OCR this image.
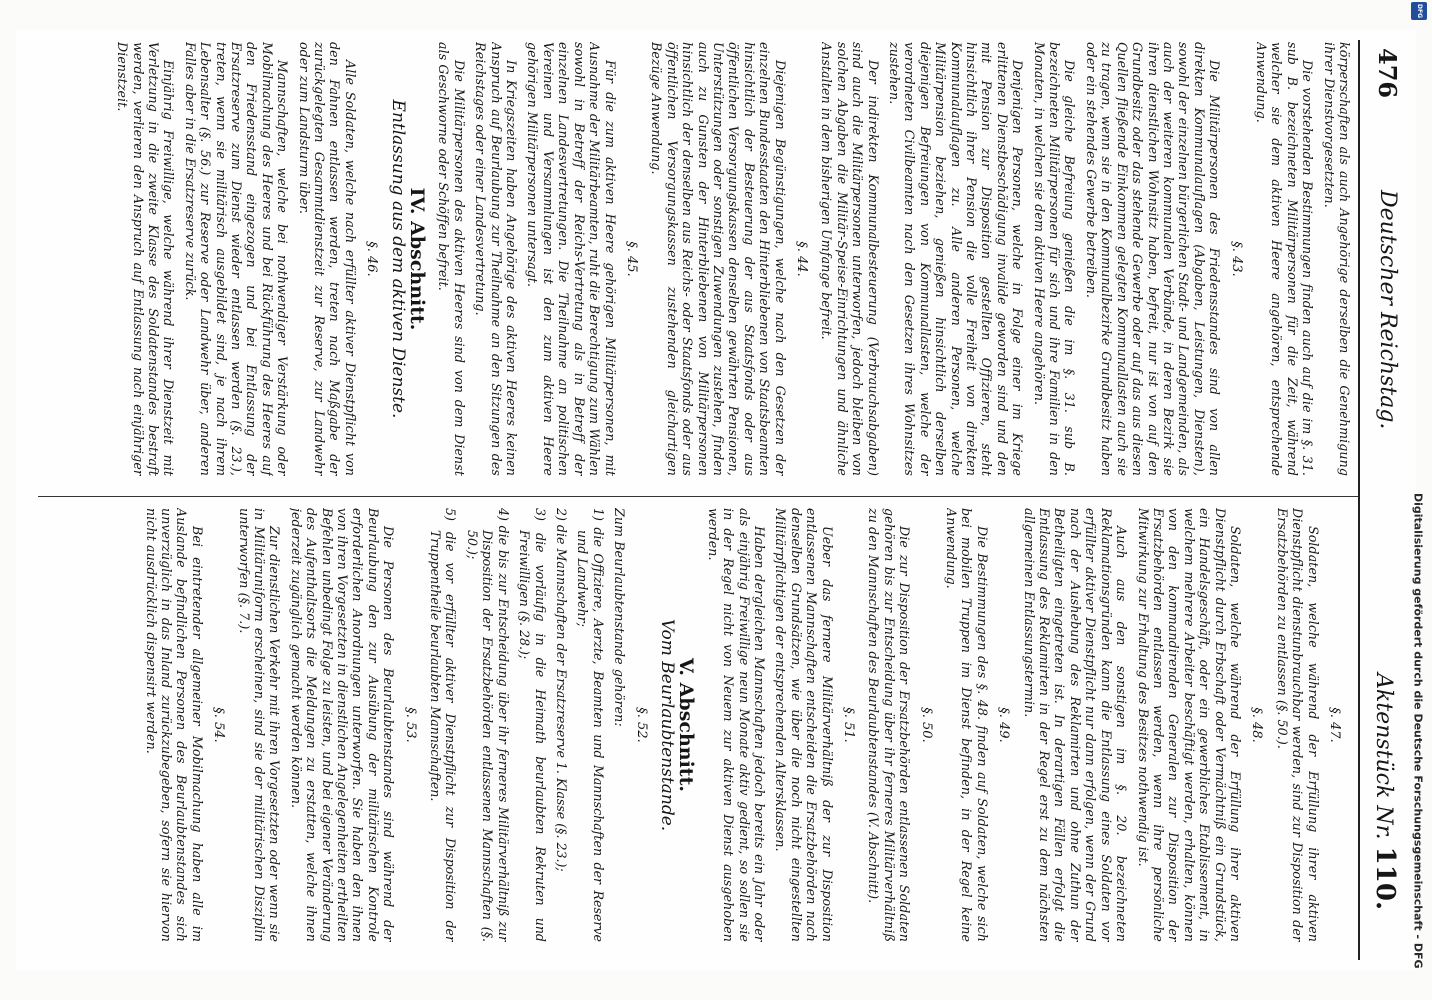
476
Deutscher Reichstag.
Aktenstück Nr. 110.
körperschaften als auch Angehörige derselben die Genehmigung ihrer Dienstvorgesetzten.
Die vorstehenden Bestimmungen finden auch auf die im §. 31. sub B. bezeichneten Militärpersonen für die Zeit, während welcher sie dem aktiven Heere angehören, entsprechende Anwendung.
§. 43.
Die Militärpersonen des Friedensstandes sind von allen direkten Kommunalauflagen (Abgaben, Leistungen, Diensten), sowohl der einzelnen bürgerlichen Stadt- und Landgemeinden, als auch der weiteren kommunalen Verbände, in deren Bezirk sie ihren dienstlichen Wohnsitz haben, befreit, nur ist von auf den Grundbesitz oder das stehende Gewerbe oder auf das aus diesen Quellen fließende Einkommen gelegten Kommunallasten auch sie zu tragen, wenn sie in den Kommunalbezirke Grundbesitz haben oder ein stehendes Gewerbe betreiben.
Die gleiche Befreiung genießen die im §. 31. sub B. bezeichneten Militärpersonen für sich und ihre Familien in den Monaten, in welchen sie dem aktiven Heere angehören.
Denjenigen Personen, welche in Folge einer im Kriege erlittenen Dienstbeschädigung invalide geworden sind und den mit Pension zur Disposition gestellten Offizieren, steht hinsichtlich ihrer Pension die volle Freiheit von direkten Kommunalauflagen zu. Alle anderen Personen, welche Militärpension beziehen, genießen hinsichtlich derselben diejenigen Befreiungen von Kommunallasten, welche der verordneten Civilbeamten nach den Gesetzen ihres Wohnsitzes zustehen.
Der indirekten Kommunalbesteuerung (Verbrauchsabgaben) sind auch die Militärpersonen unterworfen, jedoch bleiben von solchen Abgaben die Militär-Speise-Einrichtungen und ähnliche Anstalten in dem bisherigen Umfange befreit.
§. 44.
Diejenigen Begünstigungen, welche nach den Gesetzen der einzelnen Bundesstaaten den Hinterbliebenen von Staatsbeamten hinsichtlich der Besteuerung der aus Staatsfonds oder aus öffentlichen Versorgungskassen denselben gewährten Pensionen, Unterstützungen oder sonstigen Zuwendungen zustehen, finden auch zu Gunsten der Hinterbliebenen von Militärpersonen hinsichtlich der denselben aus Reichs- oder Staatsfonds oder aus öffentlichen Versorgungskassen zustehenden gleichartigen Bezüge Anwendung.
§. 45.
Für die zum aktiven Heere gehörigen Militärpersonen, mit Ausnahme der Militärbeamten, ruht die Berechtigung zum Wählen sowohl in Betreff der Reichs-Vertretung als in Betreff der einzelnen Landesvertretungen. Die Theilnahme an politischen Vereinen und Versammlungen ist den zum aktiven Heere gehörigen Militärpersonen untersagt.
In Kriegszeiten haben Angehörige des aktiven Heeres keinen Anspruch auf Beurlaubung zur Theilnahme an den Sitzungen des Reichstages oder einer Landesvertretung.
Die Militärpersonen des aktiven Heeres sind von dem Dienst als Geschworne oder Schöffen befreit.
IV. Abschnitt.
Entlassung aus dem aktiven Dienste.
§. 46.
Alle Soldaten, welche nach erfüllter aktiver Dienstpflicht von den Fahnen entlassen werden, treten nach Maßgabe der zurückgelegten Gesammtdienstzeit zur Reserve, zur Landwehr oder zum Landsturm über.
Mannschaften, welche bei nothwendiger Verstärkung oder Mobilmachung des Heeres und bei Rückführung des Heeres auf den Friedensstand eingezogen und bei Entlassung der Ersatzreserve zum Dienst wieder entlassen werden (§. 23.), treten, wenn sie militärisch ausgebildet sind, je nach ihrem Lebensalter (§. 56.) zur Reserve oder Landwehr über, anderen Falles aber in die Ersatzreserve zurück.
Einjährig Freiwillige, welche während ihrer Dienstzeit mit Verletzung in die zweite Klasse des Soldatenstandes bestraft werden, verlieren den Anspruch auf Entlassung nach einjähriger Dienstzeit.
§. 47.
Soldaten, welche während der Erfüllung ihrer aktiven Dienstpflicht dienstunbrauchbar werden, sind zur Disposition der Ersatzbehörden zu entlassen (§. 50.).
§. 48.
Soldaten, welche während der Erfüllung ihrer aktiven Dienstpflicht durch Erbschaft oder Vermächtniß ein Grundstück, ein Handelsgeschäft, oder ein gewerbliches Etablissement, in welchem mehrere Arbeiter beschäftigt werden, erhalten, können von den kommandirenden Generalen zur Disposition der Ersatzbehörden entlassen werden, wenn ihre persönliche Mitwirkung zur Erhaltung des Besitzes nothwendig ist.
Auch aus den sonstigen im §. 20. bezeichneten Reklamationsgründen kann die Entlassung eines Soldaten vor erfüllter aktiver Dienstpflicht nur dann erfolgen, wenn der Grund nach der Aushebung des Reklamirten und ohne Zuthun der Betheiligten eingetreten ist. In derartigen Fällen erfolgt die Entlassung des Reklamirten in der Regel erst zu dem nächsten allgemeinen Entlassungstermin.
§. 49.
Die Bestimmungen des §. 48. finden auf Soldaten, welche sich bei mobilen Truppen im Dienst befinden, in der Regel keine Anwendung.
§. 50.
Die zur Disposition der Ersatzbehörden entlassenen Soldaten gehören bis zur Entscheidung über ihr ferneres Militärverhältniß zu den Mannschaften des Beurlaubtenstandes (V. Abschnitt).
§. 51.
Ueber das fernere Militärverhältniß der zur Disposition entlassenen Mannschaften entscheiden die Ersatzbehörden nach denselben Grundsätzen, wie über die noch nicht eingestellten Militärpflichtigen der entsprechenden Altersklassen.
Haben dergleichen Mannschaften jedoch bereits ein Jahr oder als einjährig Freiwillige neun Monate aktiv gedient, so sollen sie in der Regel nicht von Neuem zur aktiven Dienst ausgehoben werden.
V. Abschnitt.
Vom Beurlaubtenstande.
§. 52.
Zum Beurlaubtenstande gehören:
1) die Offiziere, Aerzte, Beamten und Mannschaften der Reserve und Landwehr;
2) die Mannschaften der Ersatzreserve 1. Klasse (§. 23.);
3) die vorläufig in die Heimath beurlaubten Rekruten und Freiwilligen (§. 28.);
4) die bis zur Entscheidung über ihr ferneres Militärverhältniß zur Disposition der Ersatzbehörden entlassenen Mannschaften (§. 50.);
5) die vor erfüllter aktiver Dienstpflicht zur Disposition der Truppentheile beurlaubten Mannschaften.
§. 53.
Die Personen des Beurlaubtenstandes sind während der Beurlaubung den zur Ausübung der militärischen Kontrole erforderlichen Anordnungen unterworfen. Sie haben den ihnen von ihren Vorgesetzten in dienstlichen Angelegenheiten ertheilten Befehlen unbedingt Folge zu leisten, und bei eigener Veränderung des Aufenthaltsorts die Meldungen zu erstatten, welche ihnen jederzeit zugänglich gemacht werden können.
Zur dienstlichen Verkehr mit ihren Vorgesetzten oder wenn sie in Militäruniform erscheinen, sind sie der militärischen Disziplin unterworfen (§. 7.).
§. 54.
Bei eintretender allgemeiner Mobilmachung haben alle im Auslande befindlichen Personen des Beurlaubtenstandes sich unverzüglich in das Inland zurückzubegeben, sofern sie hiervon nicht ausdrücklich dispensirt werden.	Digitalisierung gefördert durch die Deutsche Forschungsgemeinschaft - DFG
DFG
